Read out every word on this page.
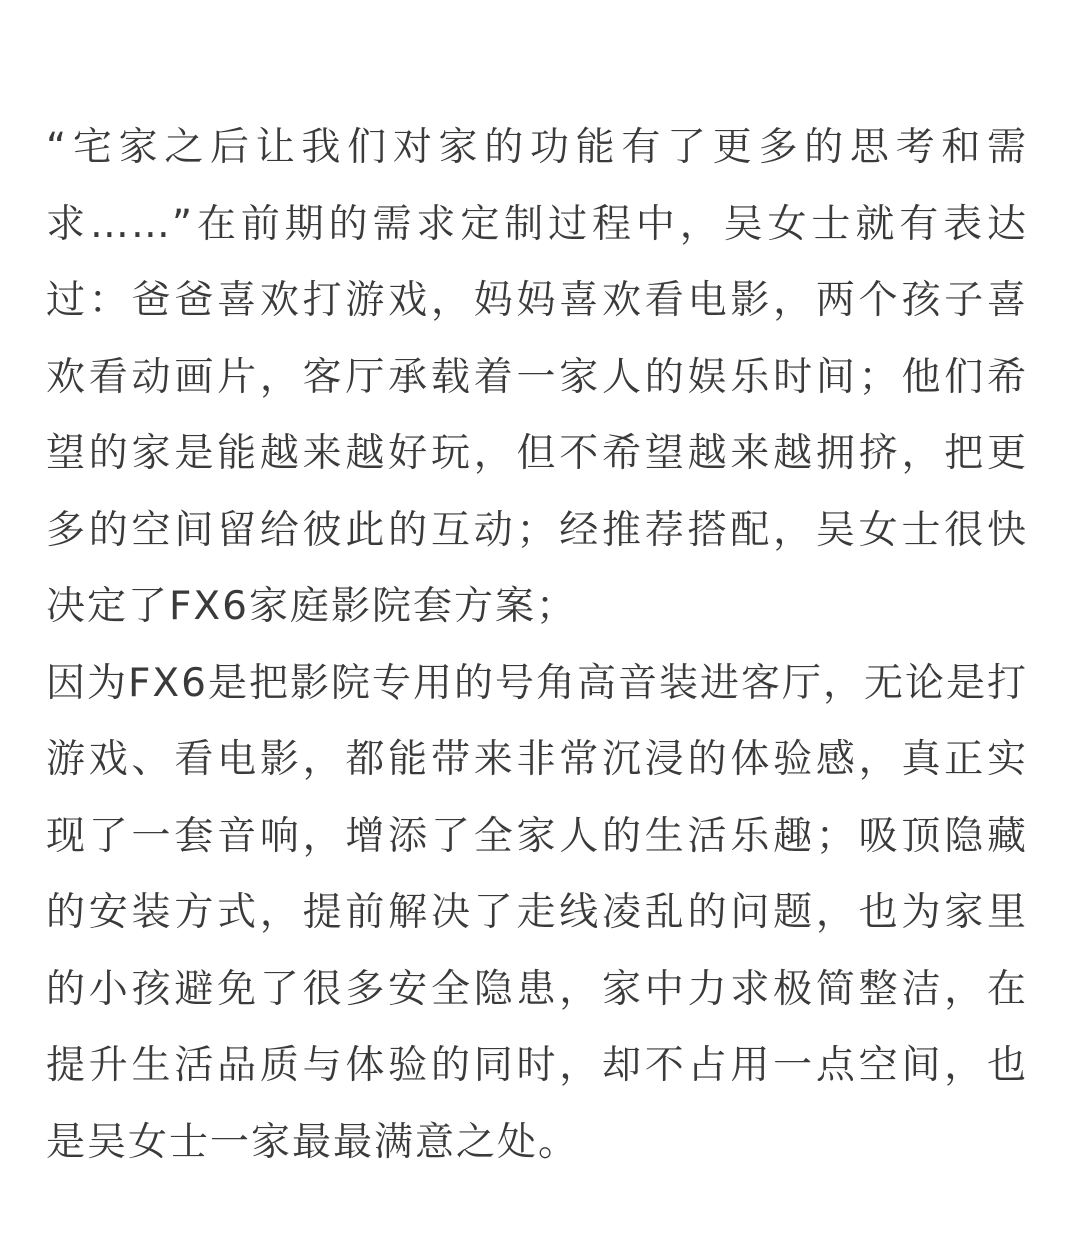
“宅家之后让我们对家的功能有了更多的思考和需求……”在前期的需求定制过程中，吴女士就有表达过：爸爸喜欢打游戏，妈妈喜欢看电影，两个孩子喜欢看动画片，客厅承载着一家人的娱乐时间；他们希望的家是能越来越好玩，但不希望越来越拥挤，把更多的空间留给彼此的互动；经推荐搭配，吴女士很快决定了FX6家庭影院套方案；

因为FX6是把影院专用的号角高音装进客厅，无论是打游戏、看电影，都能带来非常沉浸的体验感，真正实现了一套音响，增添了全家人的生活乐趣；吸顶隐藏的安装方式，提前解决了走线凌乱的问题，也为家里的小孩避免了很多安全隐患，家中力求极简整洁，在提升生活品质与体验的同时，却不占用一点空间，也是吴女士一家最最满意之处。
